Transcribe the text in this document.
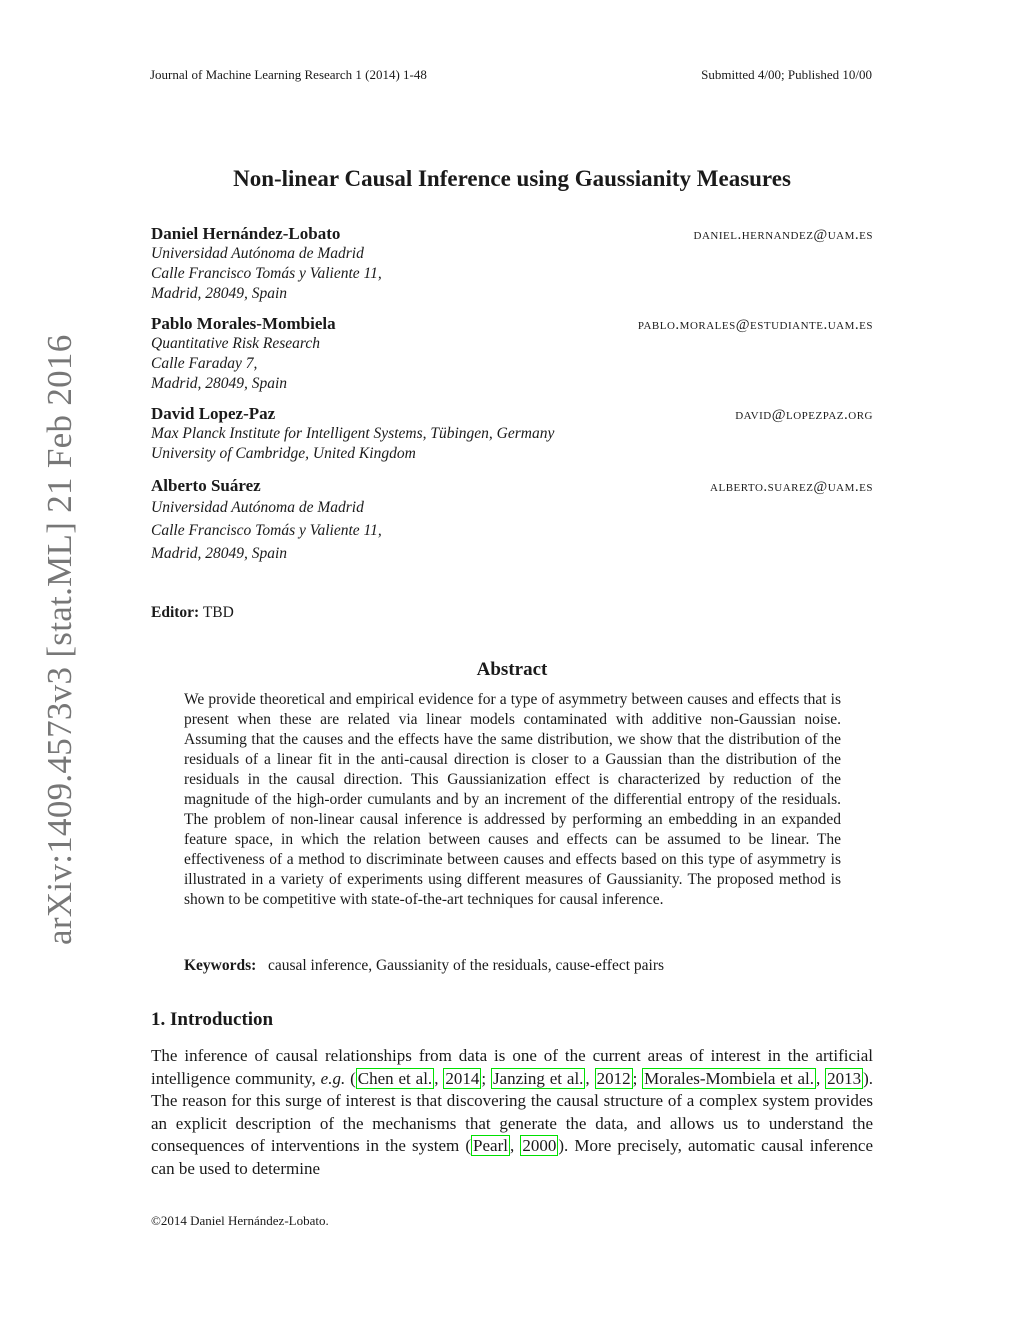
Journal of Machine Learning Research 1 (2014) 1-48	Submitted 4/00; Published 10/00
Non-linear Causal Inference using Gaussianity Measures
Daniel Hernández-Lobato	daniel.hernandez@uam.es
Universidad Autónoma de Madrid
Calle Francisco Tomás y Valiente 11,
Madrid, 28049, Spain
Pablo Morales-Mombiela	pablo.morales@estudiante.uam.es
Quantitative Risk Research
Calle Faraday 7,
Madrid, 28049, Spain
David Lopez-Paz	david@lopezpaz.org
Max Planck Institute for Intelligent Systems, Tübingen, Germany
University of Cambridge, United Kingdom
Alberto Suárez	alberto.suarez@uam.es
Universidad Autónoma de Madrid
Calle Francisco Tomás y Valiente 11,
Madrid, 28049, Spain
Editor: TBD
Abstract
We provide theoretical and empirical evidence for a type of asymmetry between causes and effects that is present when these are related via linear models contaminated with additive non-Gaussian noise. Assuming that the causes and the effects have the same distribution, we show that the distribution of the residuals of a linear fit in the anti-causal direction is closer to a Gaussian than the distribution of the residuals in the causal direction. This Gaussianization effect is characterized by reduction of the magnitude of the high-order cumulants and by an increment of the differential entropy of the residuals. The problem of non-linear causal inference is addressed by performing an embedding in an expanded feature space, in which the relation between causes and effects can be assumed to be linear. The effectiveness of a method to discriminate between causes and effects based on this type of asymmetry is illustrated in a variety of experiments using different measures of Gaussianity. The proposed method is shown to be competitive with state-of-the-art techniques for causal inference.
Keywords: causal inference, Gaussianity of the residuals, cause-effect pairs
1. Introduction
The inference of causal relationships from data is one of the current areas of interest in the artificial intelligence community, e.g. ( Chen et al. , 2014 ; Janzing et al. , 2012 ; Morales-Mombiela et al. , 2013 ). The reason for this surge of interest is that discovering the causal structure of a complex system provides an explicit description of the mechanisms that generate the data, and allows us to understand the consequences of interventions in the system ( Pearl , 2000 ). More precisely, automatic causal inference can be used to determine
©2014 Daniel Hernández-Lobato.
arXiv:1409.4573v3 [stat.ML] 21 Feb 2016
